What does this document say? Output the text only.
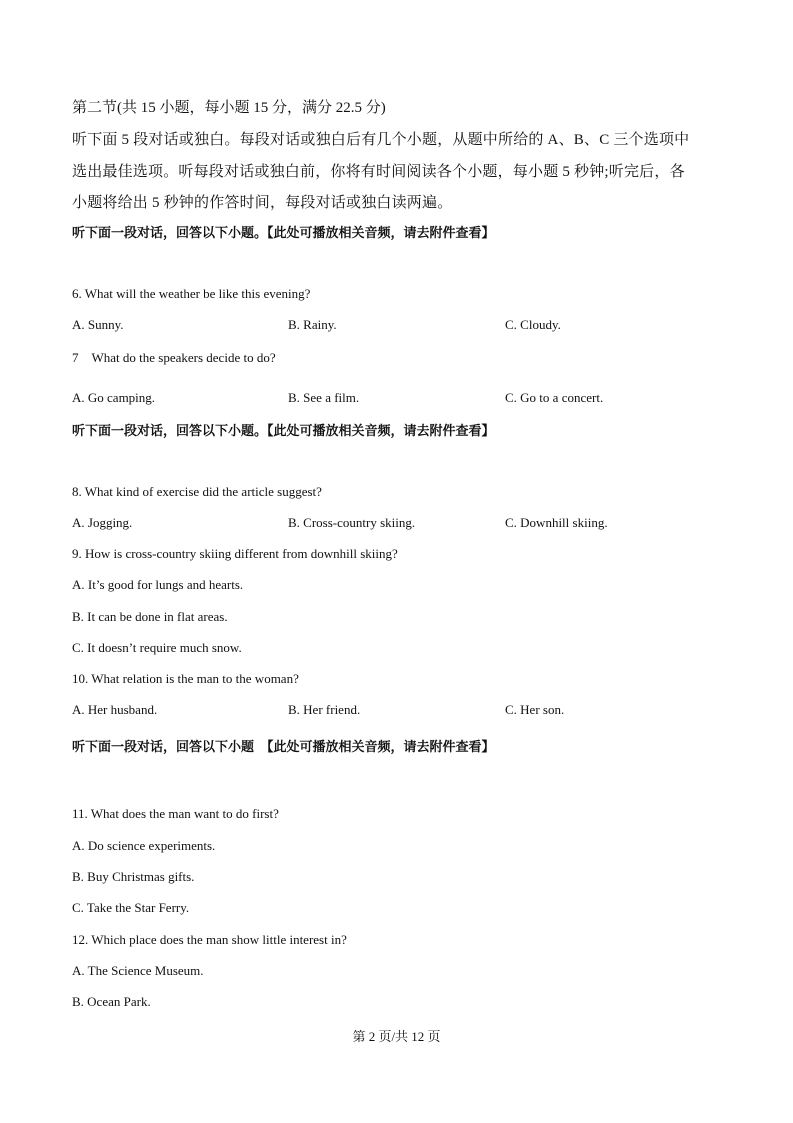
第二节(共 15 小题，每小题 15 分，满分 22.5 分)
听下面 5 段对话或独白。每段对话或独白后有几个小题，从题中所给的 A、B、C 三个选项中
选出最佳选项。听每段对话或独白前，你将有时间阅读各个小题，每小题 5 秒钟;听完后，各
小题将给出 5 秒钟的作答时间，每段对话或独白读两遍。
听下面一段对话，回答以下小题。【此处可播放相关音频，请去附件查看】
6. What will the weather be like this evening?
A. Sunny.	B. Rainy.	C. Cloudy.
7　What do the speakers decide to do?
A. Go camping.	B. See a film.	C. Go to a concert.
听下面一段对话，回答以下小题。【此处可播放相关音频，请去附件查看】
8. What kind of exercise did the article suggest?
A. Jogging.	B. Cross-country skiing.	C. Downhill skiing.
9. How is cross-country skiing different from downhill skiing?
A. It’s good for lungs and hearts.
B. It can be done in flat areas.
C. It doesn’t require much snow.
10. What relation is the man to the woman?
A. Her husband.	B. Her friend.	C. Her son.
听下面一段对话，回答以下小题　【此处可播放相关音频，请去附件查看】
11. What does the man want to do first?
A. Do science experiments.
B. Buy Christmas gifts.
C. Take the Star Ferry.
12. Which place does the man show little interest in?
A. The Science Museum.
B. Ocean Park.
第 2 页/共 12 页
